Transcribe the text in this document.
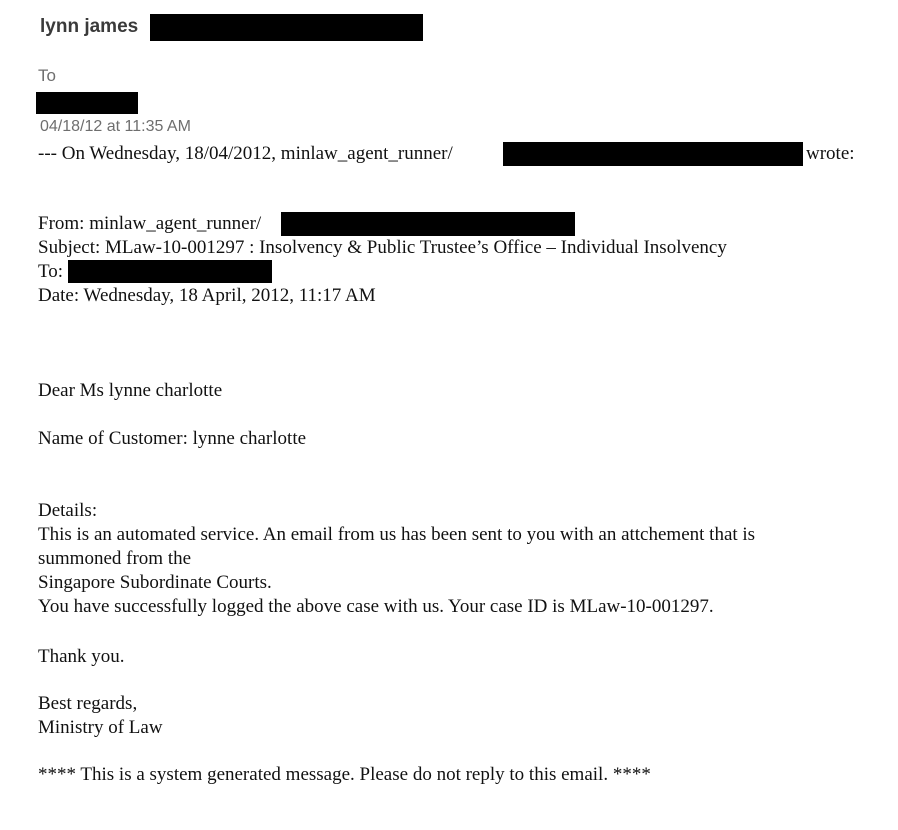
lynn james
To
04/18/12 at 11:35 AM
--- On Wednesday, 18/04/2012, minlaw_agent_runner/	wrote:
From: minlaw_agent_runner/
Subject: MLaw-10-001297 : Insolvency & Public Trustee’s Office – Individual Insolvency
To:
Date: Wednesday, 18 April, 2012, 11:17 AM
Dear Ms lynne charlotte
Name of Customer: lynne charlotte
Details:
This is an automated service. An email from us has been sent to you with an attchement that is
summoned from the
Singapore Subordinate Courts.
You have successfully logged the above case with us. Your case ID is MLaw-10-001297.
Thank you.
Best regards,
Ministry of Law
**** This is a system generated message. Please do not reply to this email. ****
